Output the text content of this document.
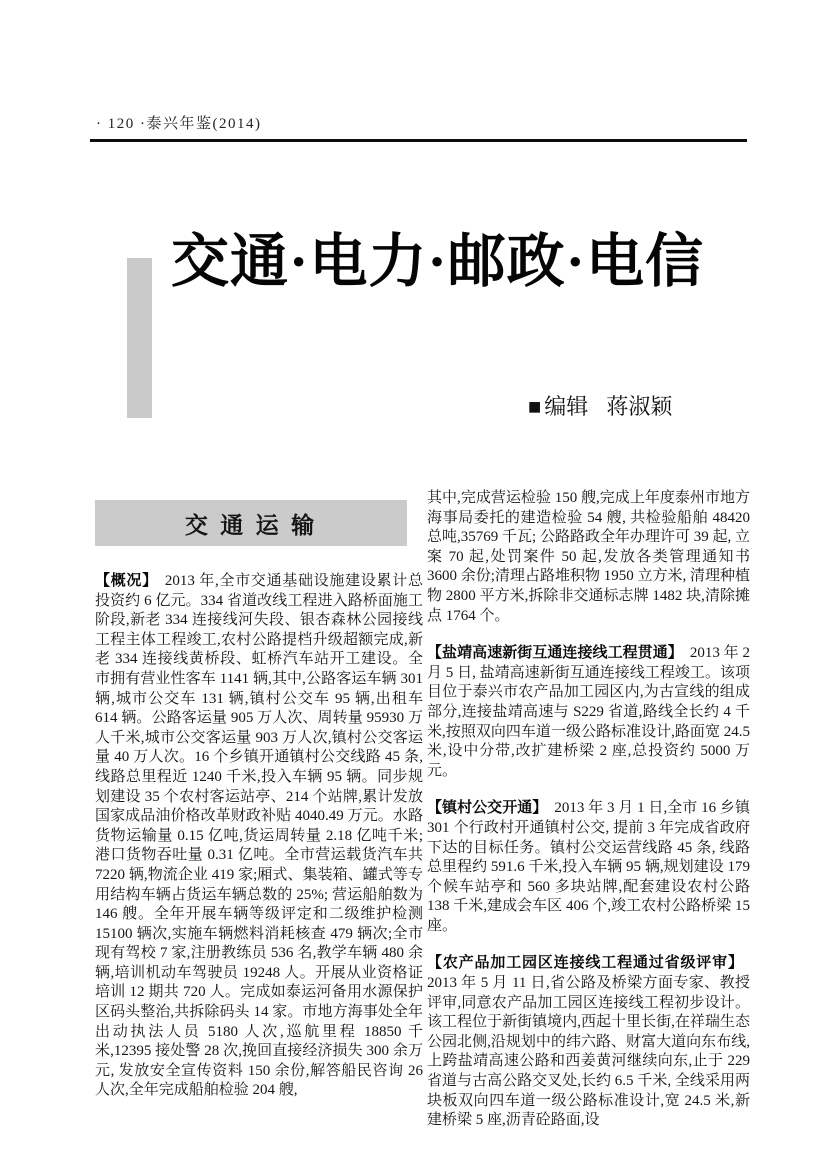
· 120 ·泰兴年鉴(2014)
交通·电力·邮政·电信
■ 编辑 蒋淑颖
交 通 运 输

【概况】 2013 年,全市交通基础设施建设累计总投资约 6 亿元。334 省道改线工程进入路桥面施工阶段,新老 334 连接线河失段、银杏森林公园接线工程主体工程竣工,农村公路提档升级超额完成,新老 334 连接线黄桥段、虹桥汽车站开工建设。全市拥有营业性客车 1141 辆,其中,公路客运车辆 301 辆,城市公交车 131 辆,镇村公交车 95 辆,出租车 614 辆。公路客运量 905 万人次、周转量 95930 万人千米,城市公交客运量 903 万人次,镇村公交客运量 40 万人次。16 个乡镇开通镇村公交线路 45 条,线路总里程近 1240 千米,投入车辆 95 辆。同步规划建设 35 个农村客运站亭、214 个站牌,累计发放国家成品油价格改革财政补贴 4040.49 万元。水路货物运输量 0.15 亿吨,货运周转量 2.18 亿吨千米;港口货物吞吐量 0.31 亿吨。全市营运载货汽车共 7220 辆,物流企业 419 家;厢式、集装箱、罐式等专用结构车辆占货运车辆总数的 25%; 营运船舶数为 146 艘。全年开展车辆等级评定和二级维护检测 15100 辆次,实施车辆燃料消耗核查 479 辆次;全市现有驾校 7 家,注册教练员 536 名,教学车辆 480 余辆,培训机动车驾驶员 19248 人。开展从业资格证培训 12 期共 720 人。完成如泰运河备用水源保护区码头整治,共拆除码头 14 家。市地方海事处全年出动执法人员 5180 人次,巡航里程 18850 千米,12395 接处警 28 次,挽回直接经济损失 300 余万元, 发放安全宣传资料 150 余份,解答船民咨询 26 人次,全年完成船舶检验 204 艘,

其中,完成营运检验 150 艘,完成上年度泰州市地方海事局委托的建造检验 54 艘, 共检验船舶 48420 总吨,35769 千瓦; 公路路政全年办理许可 39 起, 立案 70 起,处罚案件 50 起,发放各类管理通知书 3600 余份;清理占路堆积物 1950 立方米, 清理种植物 2800 平方米,拆除非交通标志牌 1482 块,清除摊点 1764 个。

【盐靖高速新街互通连接线工程贯通】 2013 年 2 月 5 日, 盐靖高速新街互通连接线工程竣工。该项目位于泰兴市农产品加工园区内,为古宣线的组成部分,连接盐靖高速与 S229 省道,路线全长约 4 千米,按照双向四车道一级公路标准设计,路面宽 24.5 米,设中分带,改扩建桥梁 2 座,总投资约 5000 万元。

【镇村公交开通】 2013 年 3 月 1 日,全市 16 乡镇 301 个行政村开通镇村公交, 提前 3 年完成省政府下达的目标任务。镇村公交运营线路 45 条, 线路总里程约 591.6 千米,投入车辆 95 辆,规划建设 179 个候车站亭和 560 多块站牌,配套建设农村公路 138 千米,建成会车区 406 个,竣工农村公路桥梁 15 座。

【农产品加工园区连接线工程通过省级评审】2013 年 5 月 11 日,省公路及桥梁方面专家、教授评审,同意农产品加工园区连接线工程初步设计。该工程位于新街镇境内,西起十里长街,在祥瑞生态公园北侧,沿规划中的纬六路、财富大道向东布线,上跨盐靖高速公路和西姜黄河继续向东,止于 229 省道与古高公路交叉处,长约 6.5 千米, 全线采用两块板双向四车道一级公路标准设计,宽 24.5 米,新建桥梁 5 座,沥青砼路面,设
